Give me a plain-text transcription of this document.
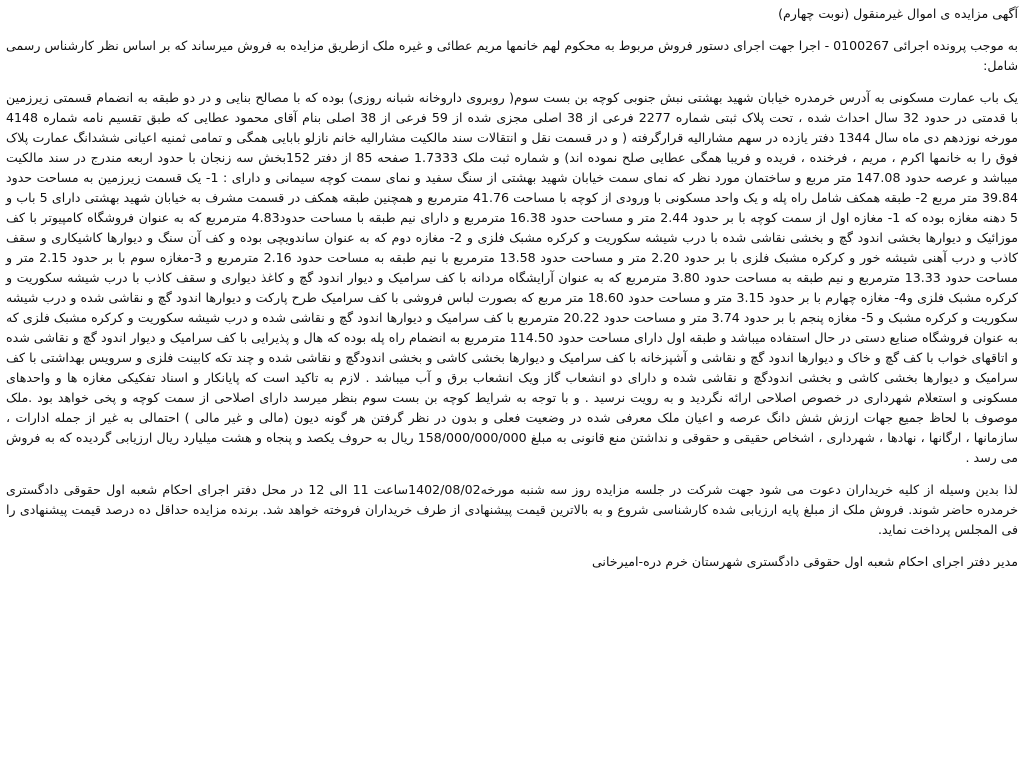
آگهی مزایده ی اموال غیرمنقول (نوبت چهارم)

به موجب پرونده اجرائی 0100267 - اجرا جهت اجرای دستور فروش مربوط به محکوم لهم خانمها مریم عطائی و غیره ملک ازطریق مزایده به فروش میرساند که بر اساس نظر کارشناس رسمی شامل:

یک باب عمارت مسکونی به آدرس خرمدره خیابان شهید بهشتی نبش جنوبی کوچه بن بست سوم( روبروی داروخانه شبانه روزی) بوده که با مصالح بنایی و در دو طبقه به انضمام قسمتی زیرزمین با قدمتی در حدود 32 سال احداث شده ، تحت پلاک ثبتی شماره 2277 فرعی از 38 اصلی مجزی شده از 59 فرعی از 38 اصلی بنام آقای محمود عطایی که طبق تقسیم نامه شماره 4148 مورخه نوزدهم دی ماه سال 1344 دفتر یازده در سهم مشارالیه قرارگرفته ( و در قسمت نقل و انتقالات سند مالکیت مشارالیه خانم نازلو بابایی همگی و تمامی ثمنیه اعیانی ششدانگ عمارت پلاک فوق را به خانمها اکرم ، مریم ، فرخنده ، فریده و فریبا همگی عطایی صلح نموده اند) و شماره ثبت ملک 1.7333 صفحه 85 از دفتر 152بخش سه زنجان با حدود اربعه مندرج در سند مالکیت میباشد و عرصه حدود 147.08 متر مربع و ساختمان مورد نظر که نمای سمت خیابان شهید بهشتی از سنگ سفید و نمای سمت کوچه سیمانی و دارای : 1- یک قسمت زیرزمین به مساحت حدود 39.84 متر مربع 2- طبقه همکف شامل راه پله و یک واحد مسکونی با ورودی از کوچه با مساحت 41.76 مترمربع و همچنین طبقه همکف در قسمت مشرف به خیابان شهید بهشتی دارای 5 باب و 5 دهنه مغازه بوده که 1- مغازه اول از سمت کوچه با بر حدود 2.44 متر و مساحت حدود 16.38 مترمربع و دارای نیم طبقه با مساحت حدود4.83 مترمربع که به عنوان فروشگاه کامپیوتر با کف موزائیک و دیوارها بخشی اندود گچ و بخشی نقاشی شده با درب شیشه سکوریت و کرکره مشبک فلزی و 2- مغازه دوم که به عنوان ساندویچی بوده و کف آن سنگ و دیوارها کاشیکاری و سقف کاذب و درب آهنی شیشه خور و کرکره مشبک فلزی با بر حدود 2.20 متر و مساحت حدود 13.58 مترمربع با نیم طبقه به مساحت حدود 2.16 مترمربع و 3-مغازه سوم با بر حدود 2.15 متر و مساحت حدود 13.33 مترمربع و نیم طبقه به مساحت حدود 3.80 مترمربع که به عنوان آرایشگاه مردانه با کف سرامیک و دیوار اندود گچ و کاغذ دیواری و سقف کاذب با درب شیشه سکوریت و کرکره مشبک فلزی و4- مغازه چهارم با بر حدود 3.15 متر و مساحت حدود 18.60 متر مربع که بصورت لباس فروشی با کف سرامیک طرح پارکت و دیوارها اندود گچ و نقاشی شده و درب شیشه سکوریت و کرکره مشبک و 5- مغازه پنجم با بر حدود 3.74 متر و مساحت حدود 20.22 مترمربع با کف سرامیک و دیوارها اندود گچ و نقاشی شده و درب شیشه سکوریت و کرکره مشبک فلزی که به عنوان فروشگاه صنایع دستی در حال استفاده میباشد و طبقه اول دارای مساحت حدود 114.50 مترمربع به انضمام راه پله بوده که هال و پذیرایی با کف سرامیک و دیوار اندود گچ و نقاشی شده و اتاقهای خواب با کف گچ و خاک و دیوارها اندود گچ و نقاشی و آشپزخانه با کف سرامیک و دیوارها بخشی کاشی و بخشی اندودگچ و نقاشی شده و چند تکه کابینت فلزی و سرویس بهداشتی با کف سرامیک و دیوارها بخشی کاشی و بخشی اندودگچ و نقاشی شده و دارای دو انشعاب گاز ویک انشعاب برق و آب میباشد . لازم به تاکید است که پایانکار و اسناد تفکیکی مغازه ها و واحدهای مسکونی و استعلام شهرداری در خصوص اصلاحی ارائه نگردید و به رویت نرسید . و با توجه به شرایط کوچه بن بست سوم بنظر میرسد دارای اصلاحی از سمت کوچه و پخی خواهد بود .ملک موصوف با لحاظ جمیع جهات ارزش شش دانگ عرصه و اعیان ملک معرفی شده در وضعیت فعلی و بدون در نظر گرفتن هر گونه دیون (مالی و غیر مالی ) احتمالی به غیر از جمله ادارات ، سازمانها ، ارگانها ، نهادها ، شهرداری ، اشخاص حقیقی و حقوقی و نداشتن منع قانونی به مبلغ 158/000/000/000 ریال به حروف یکصد و پنجاه و هشت میلیارد ریال ارزیابی گردیده که به فروش می رسد .

لذا بدین وسیله از کلیه خریداران دعوت می شود جهت شرکت در جلسه مزایده روز سه شنبه مورخه1402/08/02ساعت 11 الی 12 در محل دفتر اجرای احکام شعبه اول حقوقی دادگستری خرمدره حاضر شوند. فروش ملک از مبلغ پایه ارزیابی شده کارشناسی شروع و به بالاترین قیمت پیشنهادی از طرف خریداران فروخته خواهد شد. برنده مزایده حداقل ده درصد قیمت پیشنهادی را فی المجلس پرداخت نماید.

مدیر دفتر اجرای احکام شعبه اول حقوقی دادگستری شهرستان خرم دره-امیرخانی
